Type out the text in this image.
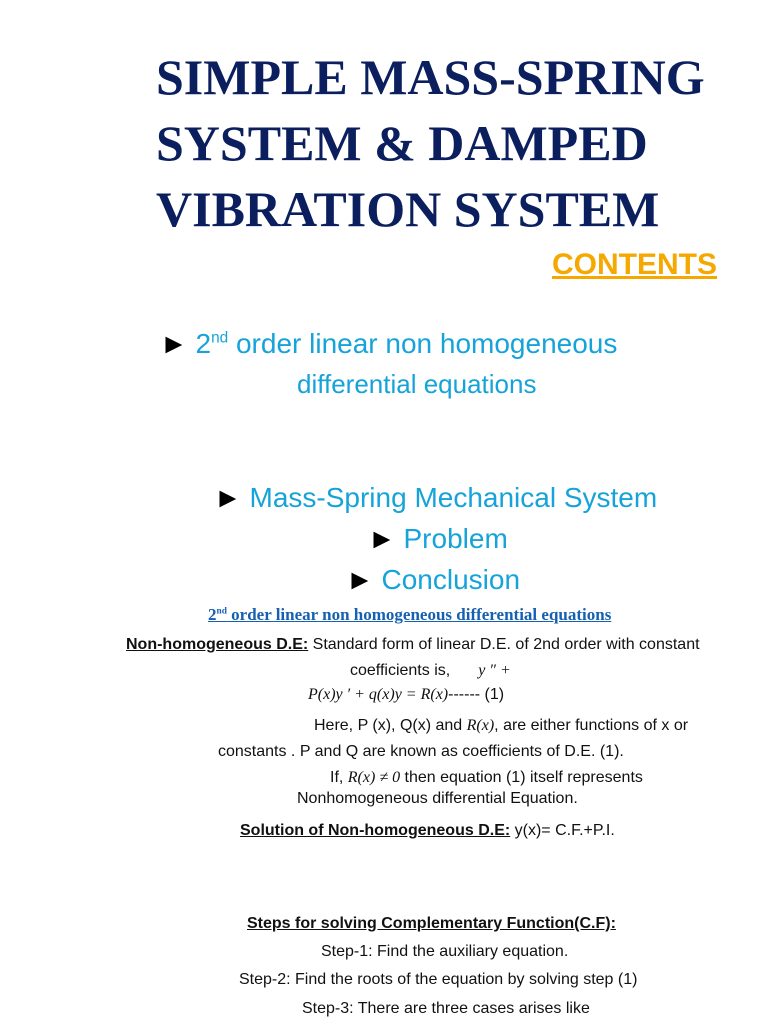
SIMPLE MASS-SPRING
SYSTEM & DAMPED
VIBRATION SYSTEM
CONTENTS
► 2nd order linear non homogeneous
differential equations
► Mass-Spring Mechanical System
► Problem
► Conclusion
2nd order linear non homogeneous differential equations
Non-homogeneous D.E: Standard form of linear D.E. of 2nd order with constant
coefficients is, y ″ +
P(x)y ′ + q(x)y = R(x)------ (1)
Here, P (x), Q(x) and R(x), are either functions of x or
constants . P and Q are known as coefficients of D.E. (1).
If, R(x) ≠ 0 then equation (1) itself represents
Nonhomogeneous differential Equation.
Solution of Non-homogeneous D.E: y(x)= C.F.+P.I.
Steps for solving Complementary Function(C.F):
Step-1: Find the auxiliary equation.
Step-2: Find the roots of the equation by solving step (1)
Step-3: There are three cases arises like
